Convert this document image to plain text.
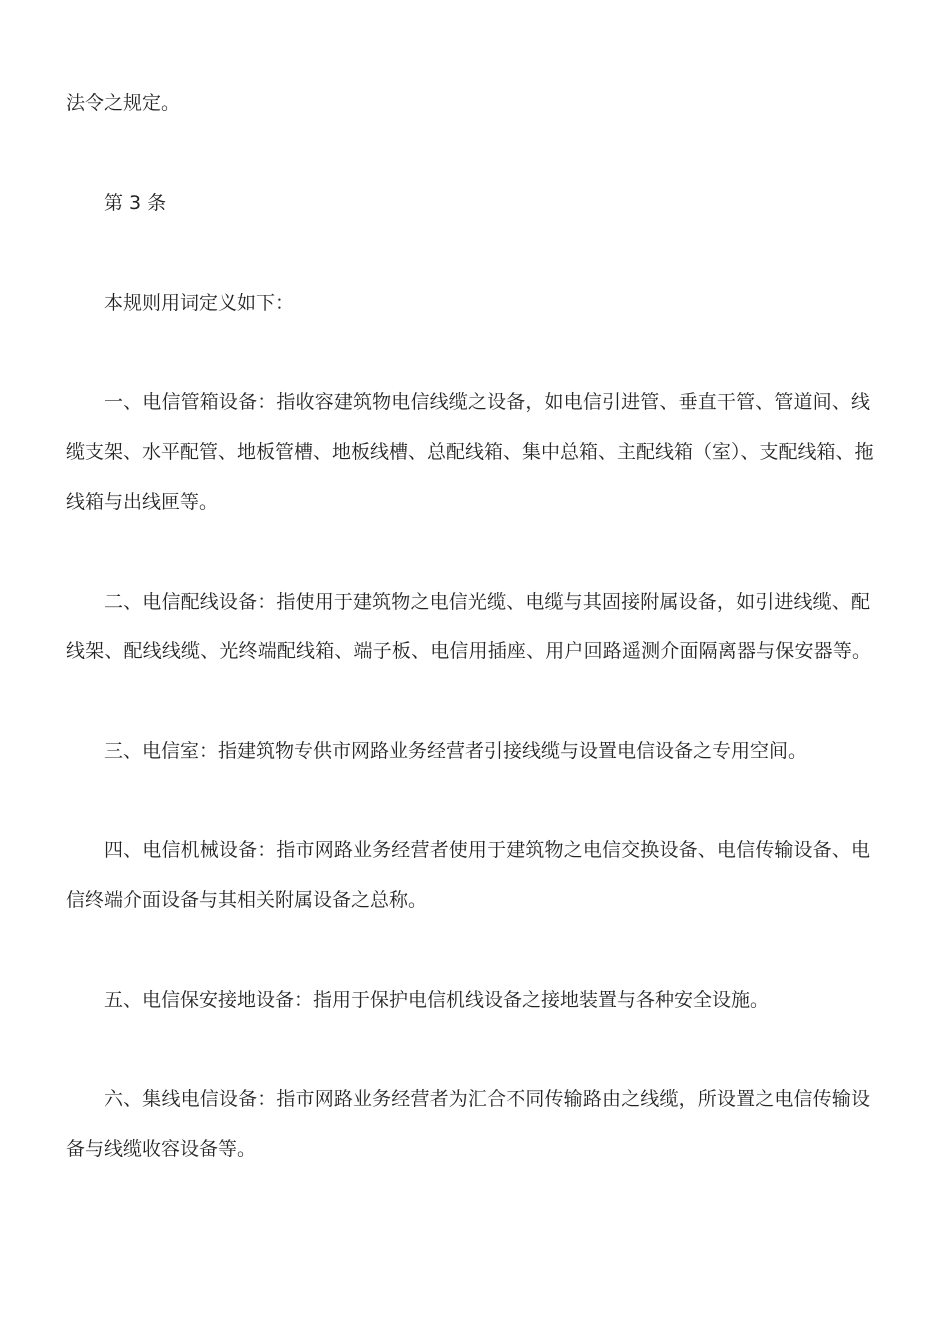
法令之规定。
第 3 条
本规则用词定义如下：
一、电信管箱设备：指收容建筑物电信线缆之设备，如电信引进管、垂直干管、管道间、线
缆支架、水平配管、地板管槽、地板线槽、总配线箱、集中总箱、主配线箱（室）、支配线箱、拖
线箱与出线匣等。
二、电信配线设备：指使用于建筑物之电信光缆、电缆与其固接附属设备，如引进线缆、配
线架、配线线缆、光终端配线箱、端子板、电信用插座、用户回路遥测介面隔离器与保安器等。
三、电信室：指建筑物专供市网路业务经营者引接线缆与设置电信设备之专用空间。
四、电信机械设备：指市网路业务经营者使用于建筑物之电信交换设备、电信传输设备、电
信终端介面设备与其相关附属设备之总称。
五、电信保安接地设备：指用于保护电信机线设备之接地装置与各种安全设施。
六、集线电信设备：指市网路业务经营者为汇合不同传输路由之线缆，所设置之电信传输设
备与线缆收容设备等。
